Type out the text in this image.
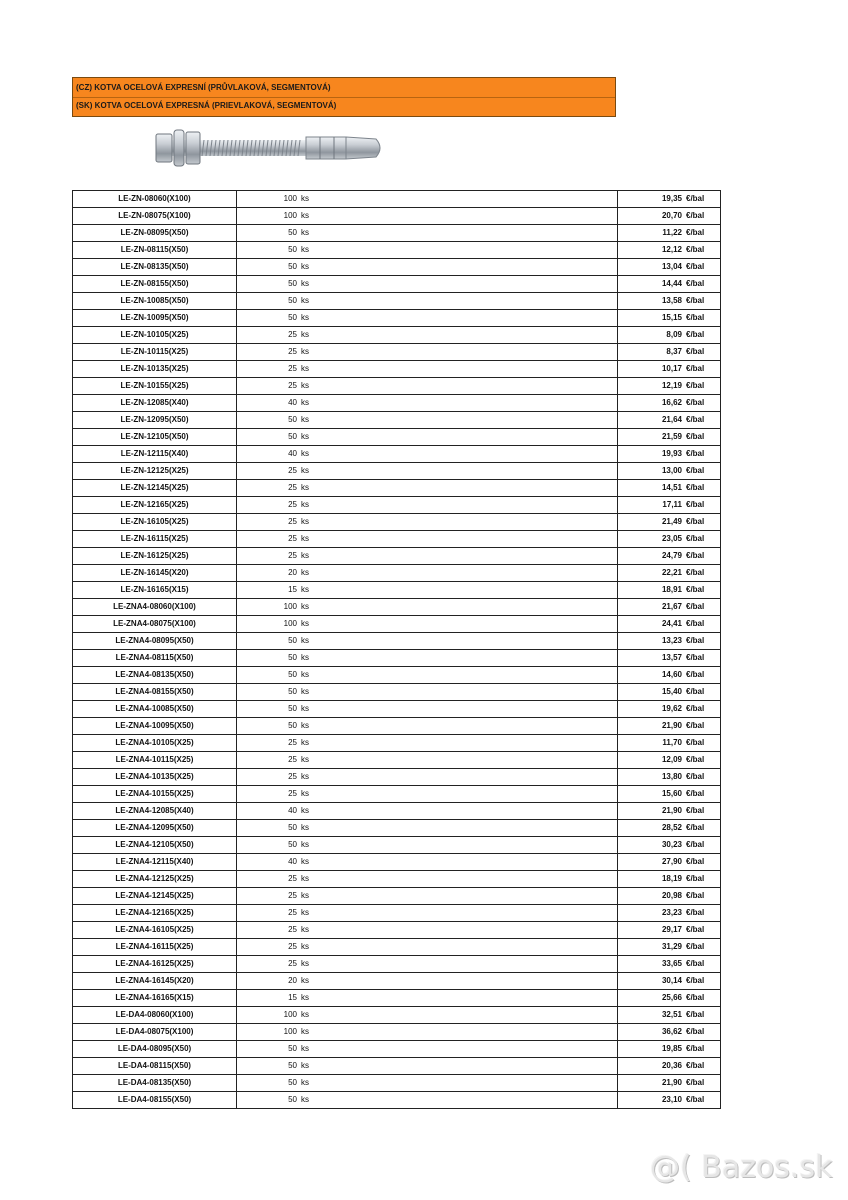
(CZ) KOTVA OCELOVÁ EXPRESNÍ (PRŮVLAKOVÁ, SEGMENTOVÁ)
(SK) KOTVA OCELOVÁ EXPRESNÁ (PRIEVLAKOVÁ, SEGMENTOVÁ)
LE-ZN-08060(X100)	100 ks		19,35 €/bal
LE-ZN-08075(X100)	100 ks		20,70 €/bal
LE-ZN-08095(X50)	50 ks		11,22 €/bal
LE-ZN-08115(X50)	50 ks		12,12 €/bal
LE-ZN-08135(X50)	50 ks		13,04 €/bal
LE-ZN-08155(X50)	50 ks		14,44 €/bal
LE-ZN-10085(X50)	50 ks		13,58 €/bal
LE-ZN-10095(X50)	50 ks		15,15 €/bal
LE-ZN-10105(X25)	25 ks		8,09 €/bal
LE-ZN-10115(X25)	25 ks		8,37 €/bal
LE-ZN-10135(X25)	25 ks		10,17 €/bal
LE-ZN-10155(X25)	25 ks		12,19 €/bal
LE-ZN-12085(X40)	40 ks		16,62 €/bal
LE-ZN-12095(X50)	50 ks		21,64 €/bal
LE-ZN-12105(X50)	50 ks		21,59 €/bal
LE-ZN-12115(X40)	40 ks		19,93 €/bal
LE-ZN-12125(X25)	25 ks		13,00 €/bal
LE-ZN-12145(X25)	25 ks		14,51 €/bal
LE-ZN-12165(X25)	25 ks		17,11 €/bal
LE-ZN-16105(X25)	25 ks		21,49 €/bal
LE-ZN-16115(X25)	25 ks		23,05 €/bal
LE-ZN-16125(X25)	25 ks		24,79 €/bal
LE-ZN-16145(X20)	20 ks		22,21 €/bal
LE-ZN-16165(X15)	15 ks		18,91 €/bal
LE-ZNA4-08060(X100)	100 ks		21,67 €/bal
LE-ZNA4-08075(X100)	100 ks		24,41 €/bal
LE-ZNA4-08095(X50)	50 ks		13,23 €/bal
LE-ZNA4-08115(X50)	50 ks		13,57 €/bal
LE-ZNA4-08135(X50)	50 ks		14,60 €/bal
LE-ZNA4-08155(X50)	50 ks		15,40 €/bal
LE-ZNA4-10085(X50)	50 ks		19,62 €/bal
LE-ZNA4-10095(X50)	50 ks		21,90 €/bal
LE-ZNA4-10105(X25)	25 ks		11,70 €/bal
LE-ZNA4-10115(X25)	25 ks		12,09 €/bal
LE-ZNA4-10135(X25)	25 ks		13,80 €/bal
LE-ZNA4-10155(X25)	25 ks		15,60 €/bal
LE-ZNA4-12085(X40)	40 ks		21,90 €/bal
LE-ZNA4-12095(X50)	50 ks		28,52 €/bal
LE-ZNA4-12105(X50)	50 ks		30,23 €/bal
LE-ZNA4-12115(X40)	40 ks		27,90 €/bal
LE-ZNA4-12125(X25)	25 ks		18,19 €/bal
LE-ZNA4-12145(X25)	25 ks		20,98 €/bal
LE-ZNA4-12165(X25)	25 ks		23,23 €/bal
LE-ZNA4-16105(X25)	25 ks		29,17 €/bal
LE-ZNA4-16115(X25)	25 ks		31,29 €/bal
LE-ZNA4-16125(X25)	25 ks		33,65 €/bal
LE-ZNA4-16145(X20)	20 ks		30,14 €/bal
LE-ZNA4-16165(X15)	15 ks		25,66 €/bal
LE-DA4-08060(X100)	100 ks		32,51 €/bal
LE-DA4-08075(X100)	100 ks		36,62 €/bal
LE-DA4-08095(X50)	50 ks		19,85 €/bal
LE-DA4-08115(X50)	50 ks		20,36 €/bal
LE-DA4-08135(X50)	50 ks		21,90 €/bal
LE-DA4-08155(X50)	50 ks		23,10 €/bal
@( Bazos.sk
